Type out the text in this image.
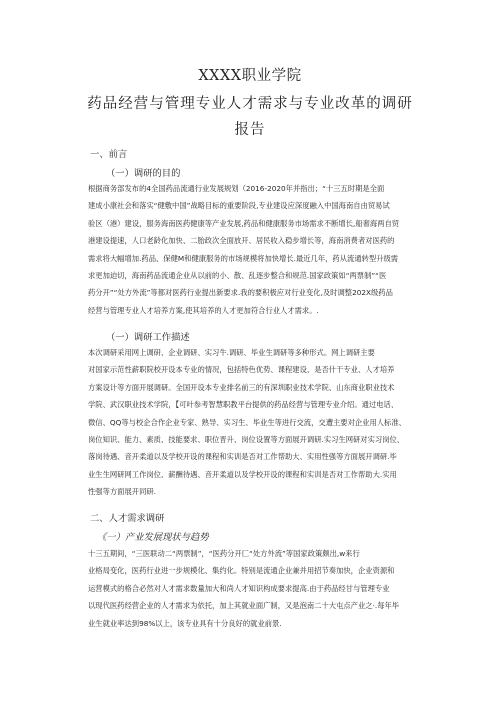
XXXX职业学院
药品经营与管理专业人才需求与专业改革的调研报告
一、前言
（一）调研的目的
根据商务部发布的4全国药品流通行业发展规划（2016-2020年并指出；“十三五时期是全面
建成小康社会和落实“健敷中国”战略目标的重要阶段,专业建设应深度融入中国海南自由贸易试
验区（港）建设，服务海南医药健康等产业发展,药品和健康服务市场需求不断增长,船奢海两自贸
港建设提速，人口老龄化加快、二胎政次全面放开、居民收入稳步增长等，海南消费者对医药的
需求将大幅增加.药品、保健M和健康服务的市场规模将加快增长.最近几年，药从流通转型升级需
求更加迫切，海南药品流通企业从以前的小、散、乱逐步整合和规范.国家政策如“两票制”“医
药分开”“处方外流”等都对医药行业提出新要求.我的要积极应对行业变化,及时调整202X级药品
经营与管理专业人才培养方案,使其培养的人才更加符合行业人才需求。.
（一）调研工作描述
本次调研采用网上调研、企业调研、实习牛.调研、毕业生调研等多种形式。网上调研主要
对国家示范性薪职院校开设本专业的情况，包括特色优势、课程建设、是否什干专业、人才培养
方案设计等方面开展调研。全国开设本专业排名前三的有深圳职业技术学院、山东商业职业技术
学院、武汉职业技术学院，【可叶参考智慧职教平台提供的药品经营与管理专业介绍。通过电话、
微信、QQ等与校企合作企业专家、熟导、实习生、毕业生等进行交流，交遭主要对企业用人标准、
岗位知识、能力、素质、技能要求、职位晋升、岗位设置等方面展开调研.实习生网研对实习岗位、
落岗待遇、音开柔道以及学校开设的课程和实训是否对工作帮助大、实用性强等方面展开调研.毕
业生生网研网工作岗位、薪酬待遇、音开柔道以及学校开设的课程和实训是否对工作帮助大.实用
性强等方面展开同研.
二、人才需求调研
《一）产业发展现状与趋势
十三五期间，“三医联动二“两票制”，“医药分开匚“处方外流”等国家政策颇出,w来行
业格局变化，医药行业进一步规模化、集约化。特别是流通企业兼并用招节奏加快，企业资源和
运营模式的格合必然对人才需求数量加大和尚人才知识构成要求提高.由于药品经甘与管理专业
以现代医药经营企业的人才需求为依托，加上其就业面广制，又是泡南二十大屯点产业之·.每年毕
业生就业率达到98%以上，该专业具有十分良好的就业前景.
